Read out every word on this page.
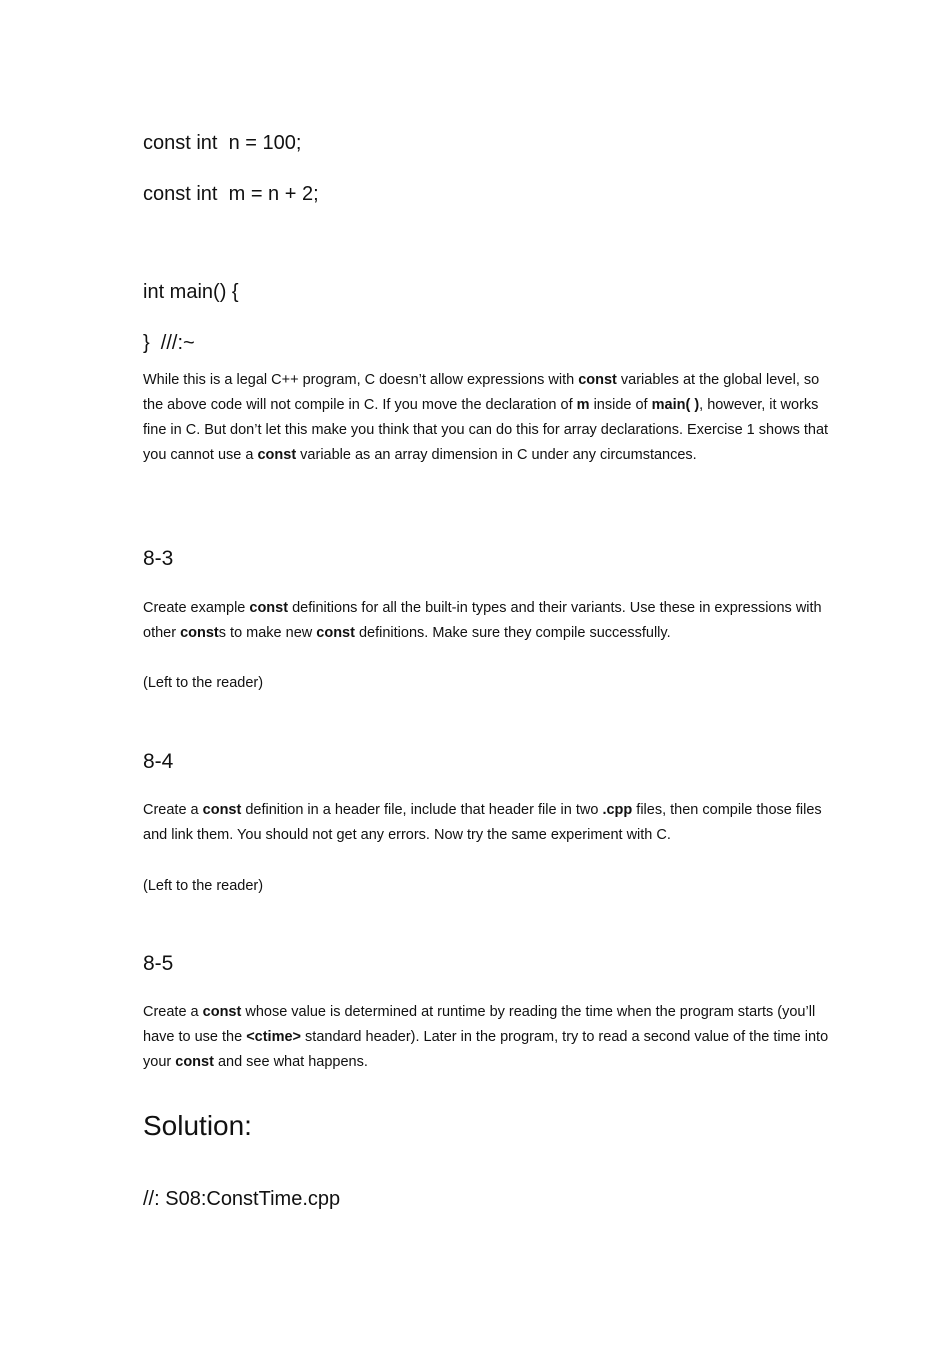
const int  n = 100;
const int  m = n + 2;
int main() {
}  ///:~

While this is a legal C++ program, C doesn’t allow expressions with const variables at the global level, so the above code will not compile in C. If you move the declaration of m inside of main( ), however, it works fine in C. But don’t let this make you think that you can do this for array declarations. Exercise 1 shows that you cannot use a const variable as an array dimension in C under any circumstances.

8-3

Create example const definitions for all the built-in types and their variants. Use these in expressions with other consts to make new const definitions. Make sure they compile successfully.

(Left to the reader)
8-4

Create a const definition in a header file, include that header file in two .cpp files, then compile those files and link them. You should not get any errors. Now try the same experiment with C.

(Left to the reader)
8-5

Create a const whose value is determined at runtime by reading the time when the program starts (you’ll have to use the <ctime> standard header). Later in the program, try to read a second value of the time into your const and see what happens.

Solution:
//: S08:ConstTime.cpp
